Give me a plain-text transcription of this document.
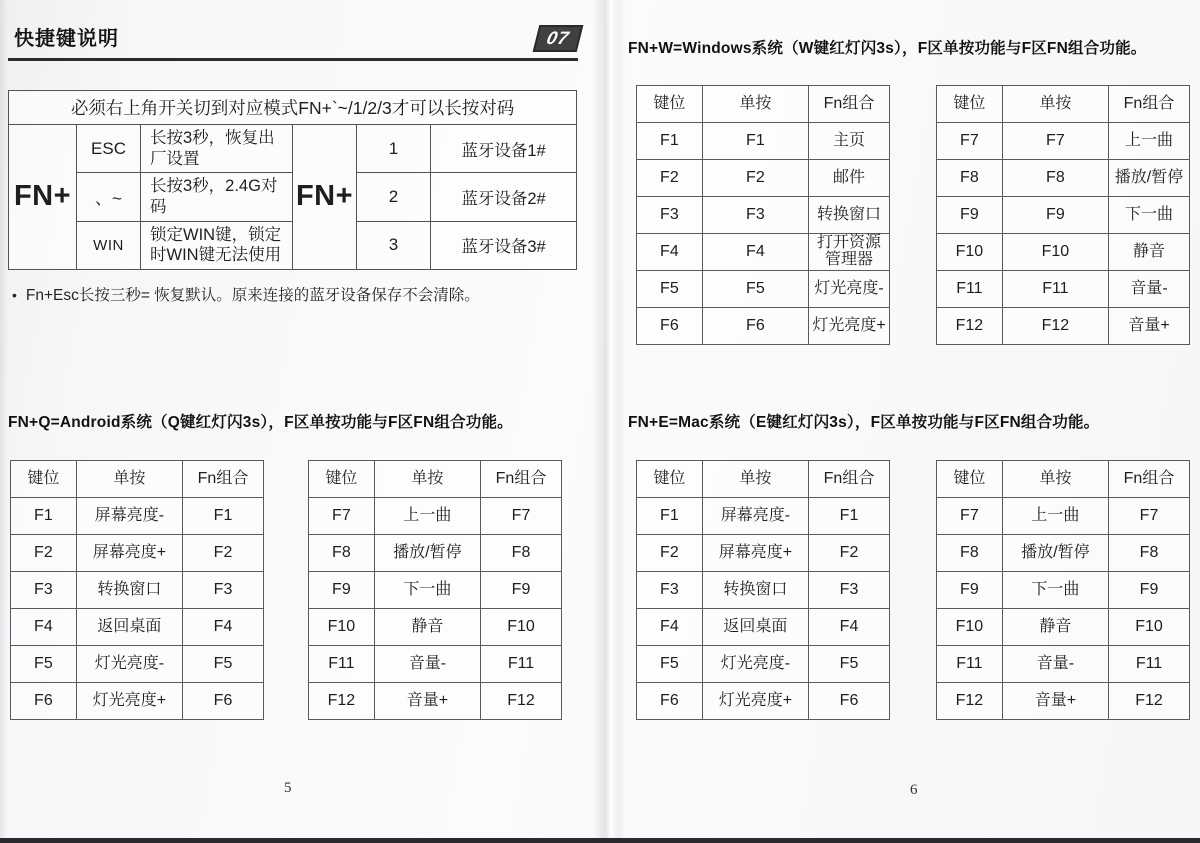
快捷键说明	07
必须右上角开关切到对应模式FN+`~/1/2/3才可以长按对码					
FN+	ESC	长按3秒，恢复出厂设置	FN+	1	蓝牙设备1#
	、~	长按3秒，2.4G对码		2	蓝牙设备2#
	WIN	锁定WIN键，锁定时WIN键无法使用		3	蓝牙设备3#
• Fn+Esc长按三秒= 恢复默认。原来连接的蓝牙设备保存不会清除。
FN+Q=Android系统（Q键红灯闪3s），F区单按功能与F区FN组合功能。
键位	单按	Fn组合
F1	屏幕亮度-	F1
F2	屏幕亮度+	F2
F3	转换窗口	F3
F4	返回桌面	F4
F5	灯光亮度-	F5
F6	灯光亮度+	F6
键位	单按	Fn组合
F7	上一曲	F7
F8	播放/暂停	F8
F9	下一曲	F9
F10	静音	F10
F11	音量-	F11
F12	音量+	F12
5
FN+W=Windows系统（W键红灯闪3s），F区单按功能与F区FN组合功能。
键位	单按	Fn组合
F1	F1	主页
F2	F2	邮件
F3	F3	转换窗口
F4	F4	打开资源管理器
F5	F5	灯光亮度-
F6	F6	灯光亮度+
键位	单按	Fn组合
F7	F7	上一曲
F8	F8	播放/暂停
F9	F9	下一曲
F10	F10	静音
F11	F11	音量-
F12	F12	音量+
FN+E=Mac系统（E键红灯闪3s），F区单按功能与F区FN组合功能。
键位	单按	Fn组合
F1	屏幕亮度-	F1
F2	屏幕亮度+	F2
F3	转换窗口	F3
F4	返回桌面	F4
F5	灯光亮度-	F5
F6	灯光亮度+	F6
键位	单按	Fn组合
F7	上一曲	F7
F8	播放/暂停	F8
F9	下一曲	F9
F10	静音	F10
F11	音量-	F11
F12	音量+	F12
6
